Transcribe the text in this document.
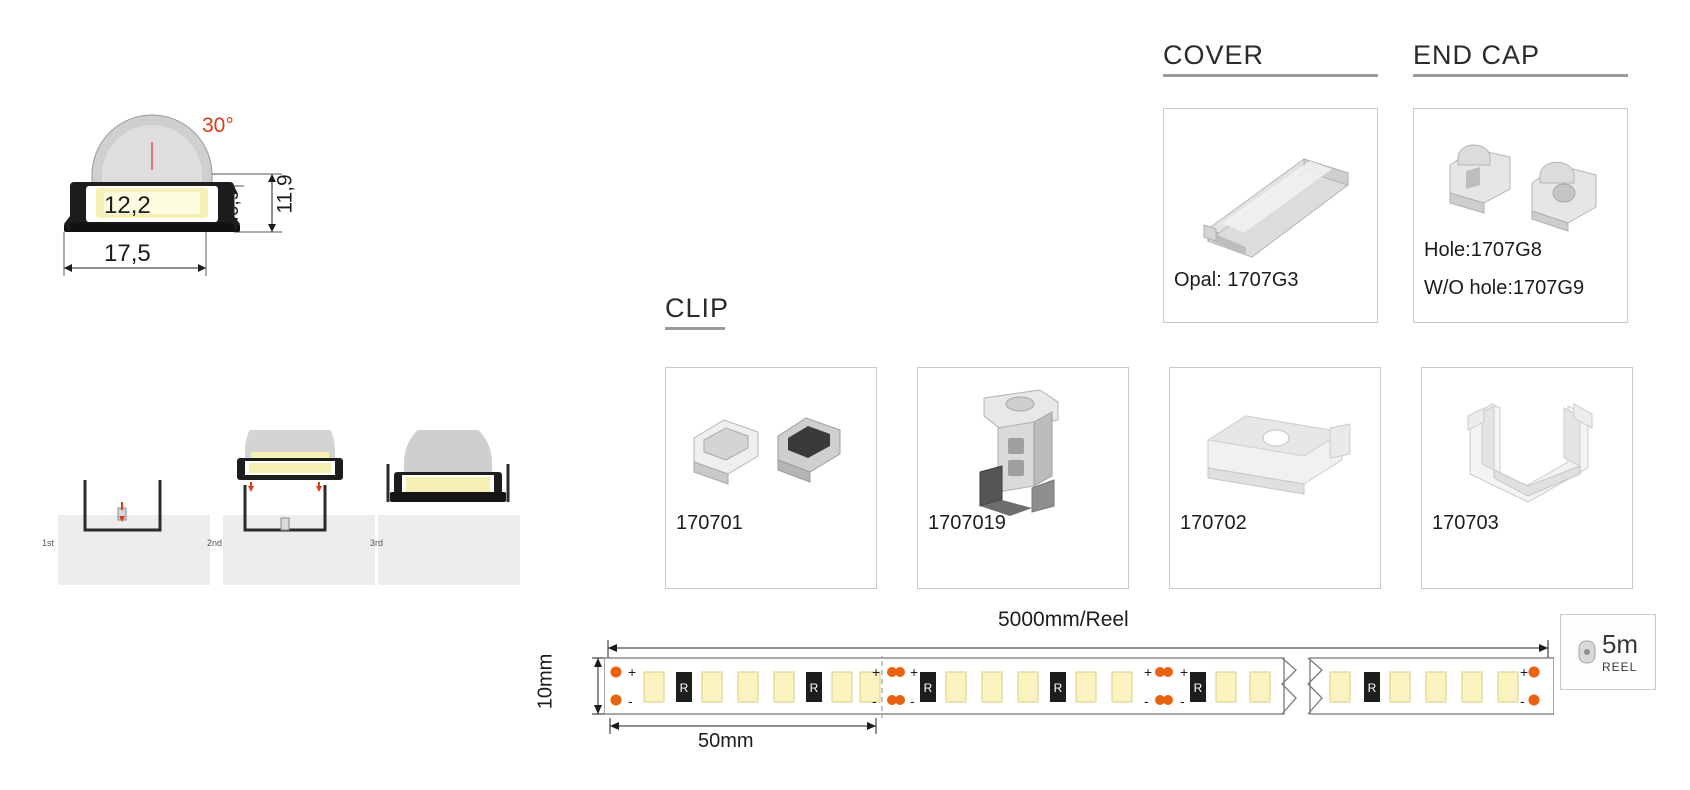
30°
12,2	11,9
6,9
17,5
1st	2nd	3rd
COVER
Opal: 1707G3
END CAP
Hole:1707G8
W/O hole:1707G9
CLIP
170701	1707019	170702	170703
5000mm/Reel
10mm	R	R	R	R	R	R
+
-
+
-
+
-
+
-
+
-
+
-
50mm
5m
REEL
